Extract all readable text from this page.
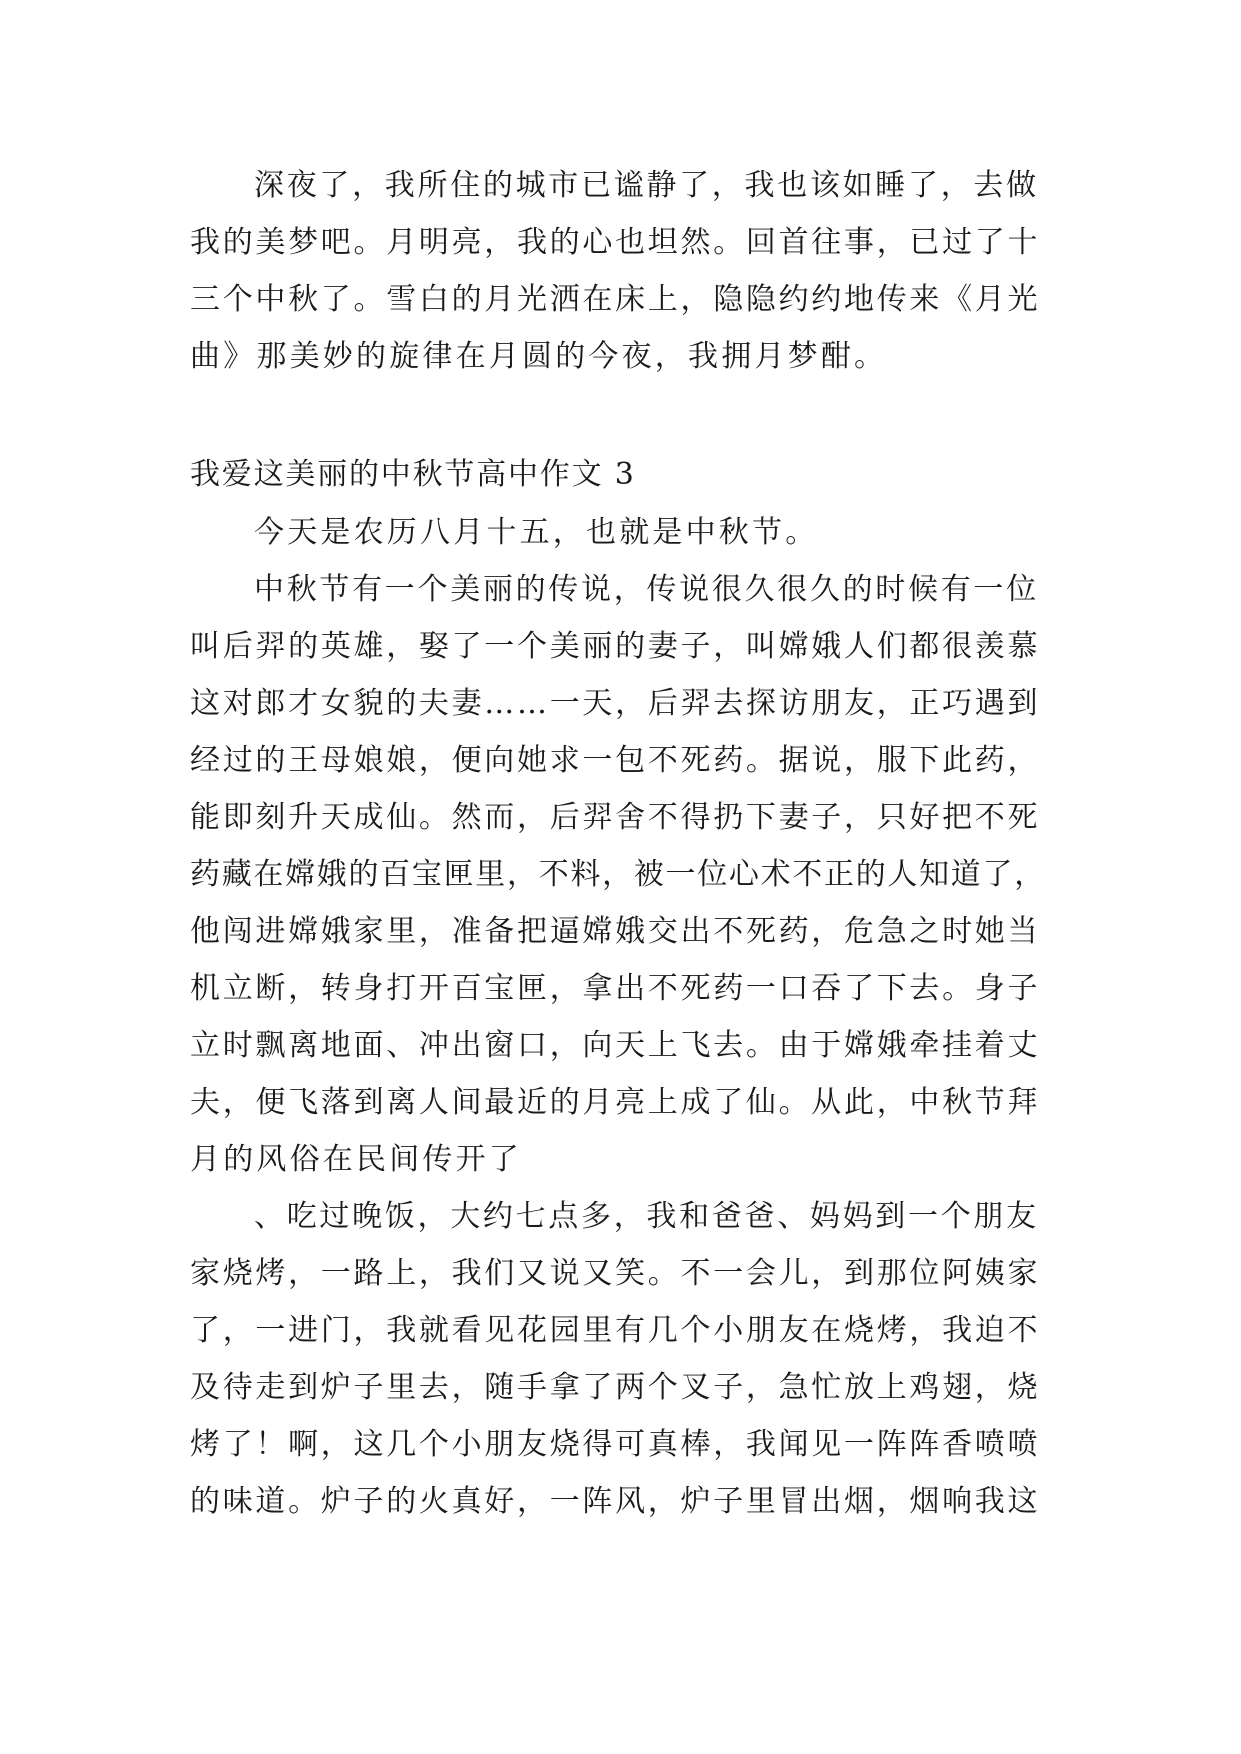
深夜了，我所住的城市已谧静了，我也该如睡了，去做
我的美梦吧。月明亮，我的心也坦然。回首往事，已过了十
三个中秋了。雪白的月光洒在床上，隐隐约约地传来《月光
曲》那美妙的旋律在月圆的今夜，我拥月梦酣。
我爱这美丽的中秋节高中作文 3
今天是农历八月十五，也就是中秋节。
中秋节有一个美丽的传说，传说很久很久的时候有一位
叫后羿的英雄，娶了一个美丽的妻子，叫嫦娥人们都很羡慕
这对郎才女貌的夫妻……一天，后羿去探访朋友，正巧遇到
经过的王母娘娘，便向她求一包不死药。据说，服下此药，
能即刻升天成仙。然而，后羿舍不得扔下妻子，只好把不死
药藏在嫦娥的百宝匣里，不料，被一位心术不正的人知道了，
他闯进嫦娥家里，准备把逼嫦娥交出不死药，危急之时她当
机立断，转身打开百宝匣，拿出不死药一口吞了下去。身子
立时飘离地面、冲出窗口，向天上飞去。由于嫦娥牵挂着丈
夫，便飞落到离人间最近的月亮上成了仙。从此，中秋节拜
月的风俗在民间传开了
、吃过晚饭，大约七点多，我和爸爸、妈妈到一个朋友
家烧烤，一路上，我们又说又笑。不一会儿，到那位阿姨家
了，一进门，我就看见花园里有几个小朋友在烧烤，我迫不
及待走到炉子里去，随手拿了两个叉子，急忙放上鸡翅，烧
烤了！啊，这几个小朋友烧得可真棒，我闻见一阵阵香喷喷
的味道。炉子的火真好，一阵风，炉子里冒出烟，烟响我这
